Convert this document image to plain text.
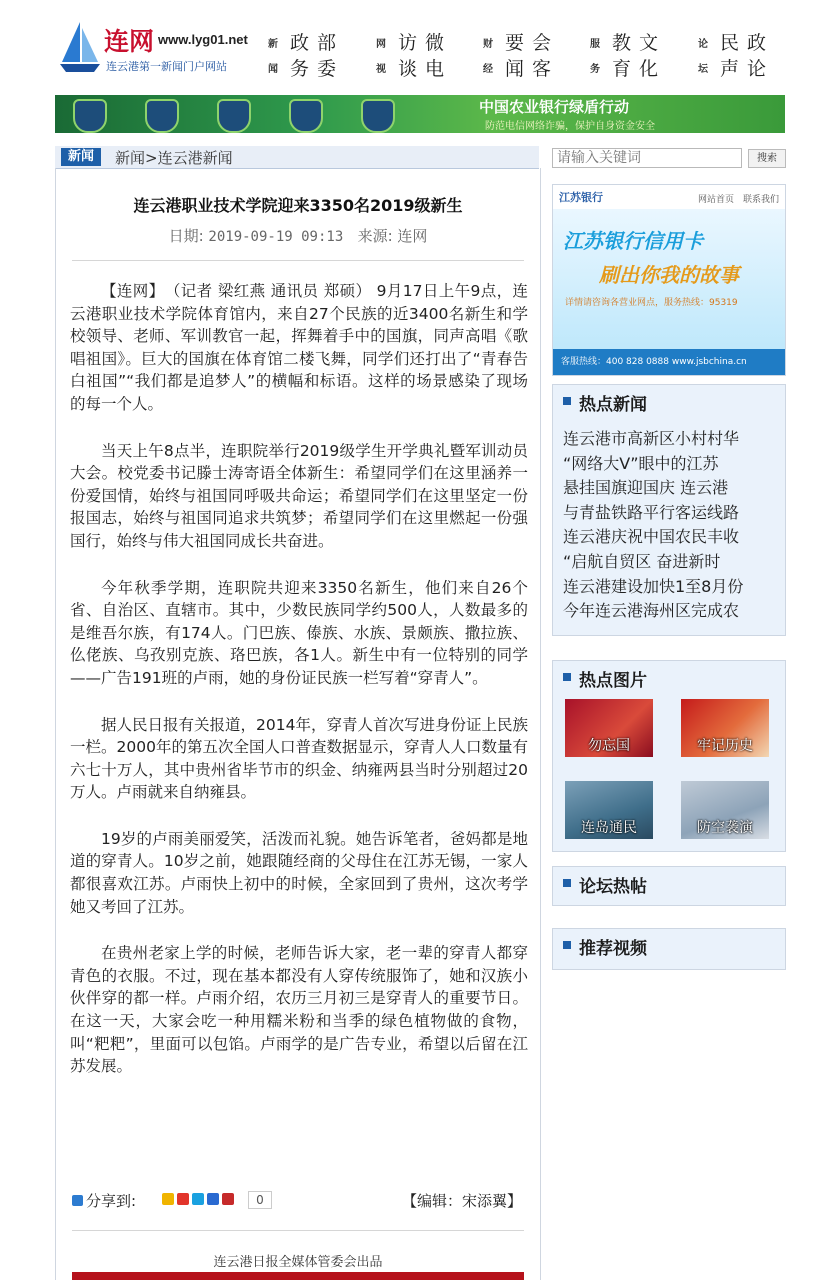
连网 www.lyg01.net
连云港第一新闻门户网站
新
闻
政部
务委
网
视
访微
谈电
财
经
要会
闻客
服
务
教文
育化
论
坛
民政
声论
中国农业银行绿盾行动
防范电信网络诈骗，保护自身资金安全
新闻	新闻>连云港新闻
连云港职业技术学院迎来3350名2019级新生
日期: 2019-09-19 09:13 来源: 连网

【连网】　（记者 梁红燕 通讯员 郑硕） 9月17日上午9点，连云港职业技术学院体育馆内，来自27个民族的近3400名新生和学校领导、老师、军训教官一起，挥舞着手中的国旗，同声高唱《歌唱祖国》。巨大的国旗在体育馆二楼飞舞，同学们还打出了“青春告白祖国”“我们都是追梦人”的横幅和标语。这样的场景感染了现场的每一个人。

当天上午8点半，连职院举行2019级学生开学典礼暨军训动员大会。校党委书记滕士涛寄语全体新生：希望同学们在这里涵养一份爱国情，始终与祖国同呼吸共命运；希望同学们在这里坚定一份报国志，始终与祖国同追求共筑梦；希望同学们在这里燃起一份强国行，始终与伟大祖国同成长共奋进。

今年秋季学期，连职院共迎来3350名新生，他们来自26个省、自治区、直辖市。其中，少数民族同学约500人，人数最多的是维吾尔族，有174人。门巴族、傣族、水族、景颇族、撒拉族、仫佬族、乌孜别克族、珞巴族，各1人。新生中有一位特别的同学——广告191班的卢雨，她的身份证民族一栏写着“穿青人”。

据人民日报有关报道，2014年，穿青人首次写进身份证上民族一栏。2000年的第五次全国人口普查数据显示，穿青人人口数量有六七十万人，其中贵州省毕节市的织金、纳雍两县当时分别超过20万人。卢雨就来自纳雍县。

19岁的卢雨美丽爱笑，活泼而礼貌。她告诉笔者，爸妈都是地道的穿青人。10岁之前，她跟随经商的父母住在江苏无锡，一家人都很喜欢江苏。卢雨快上初中的时候，全家回到了贵州，这次考学她又考回了江苏。

在贵州老家上学的时候，老师告诉大家，老一辈的穿青人都穿青色的衣服。不过，现在基本都没有人穿传统服饰了，她和汉族小伙伴穿的都一样。卢雨介绍，农历三月初三是穿青人的重要节日。在这一天，大家会吃一种用糯米粉和当季的绿色植物做的食物，叫“粑粑”，里面可以包馅。卢雨学的是广告专业，希望以后留在江苏发展。

分享到:	0	【编辑：宋添翼】
连云港日报全媒体管委会出品
请输入关键词
搜索
江苏银行	网站首页　联系我们
江苏银行信用卡
刷出你我的故事
详情请咨询各营业网点，服务热线：95319
客服热线：400 828 0888 www.jsbchina.cn
热点新闻
连云港市高新区小村村华
“网络大V”眼中的江苏
悬挂国旗迎国庆 连云港
与青盐铁路平行客运线路
连云港庆祝中国农民丰收
“启航自贸区 奋进新时
连云港建设加快1至8月份
今年连云港海州区完成农
热点图片
勿忘国	牢记历史
连岛通民	防空袭演
论坛热帖
推荐视频
